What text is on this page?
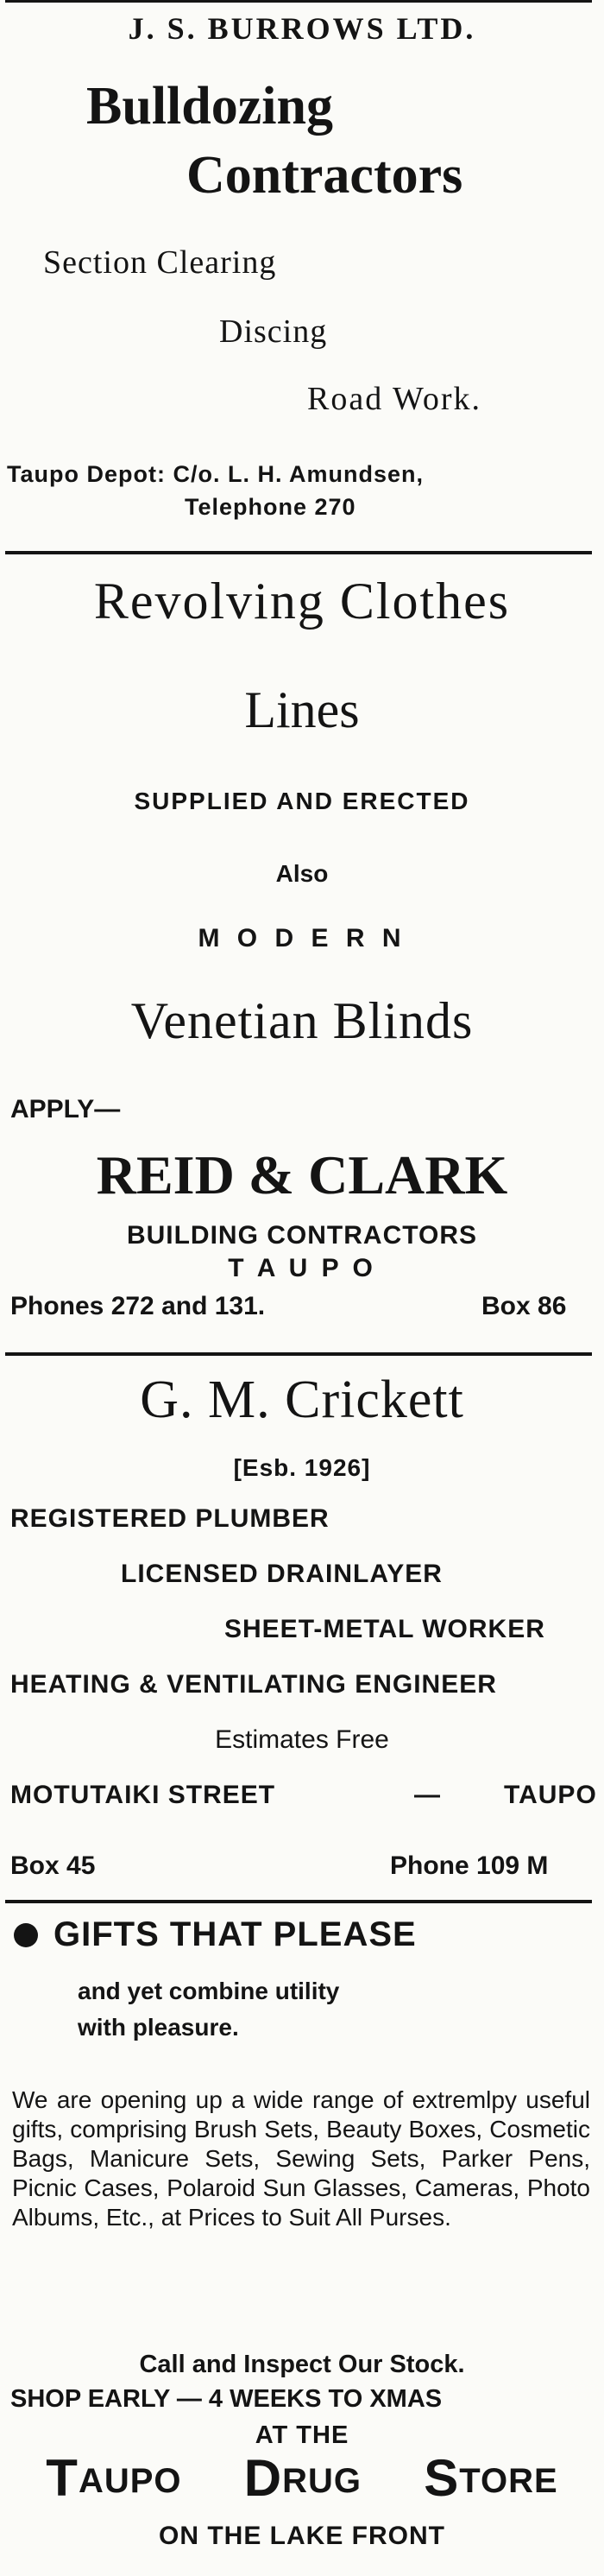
J. S. BURROWS LTD.
Bulldozing
Contractors
Section Clearing
Discing
Road Work.
Taupo Depot: C/o. L. H. Amundsen,
Telephone 270
Revolving Clothes
Lines
SUPPLIED AND ERECTED
Also
M O D E R N
Venetian Blinds
APPLY—
REID & CLARK
BUILDING CONTRACTORS
T A U P O
Phones 272 and 131.	Box 86
G. M. Crickett
[Esb. 1926]
REGISTERED PLUMBER
LICENSED DRAINLAYER
SHEET-METAL WORKER
HEATING & VENTILATING ENGINEER
Estimates Free
MOTUTAIKI STREET	— TAUPO
Box 45	Phone 109 M
GIFTS THAT PLEASE
and yet combine utility
with pleasure.

We are opening up a wide range of extremlpy useful gifts, comprising Brush Sets, Beauty Boxes, Cosmetic Bags, Manicure Sets, Sewing Sets, Parker Pens, Picnic Cases, Polaroid Sun Glasses, Cameras, Photo Albums, Etc., at Prices to Suit All Purses.

Call and Inspect Our Stock.
SHOP EARLY — 4 WEEKS TO XMAS
AT THE
TAUPO DRUG STORE
ON THE LAKE FRONT
